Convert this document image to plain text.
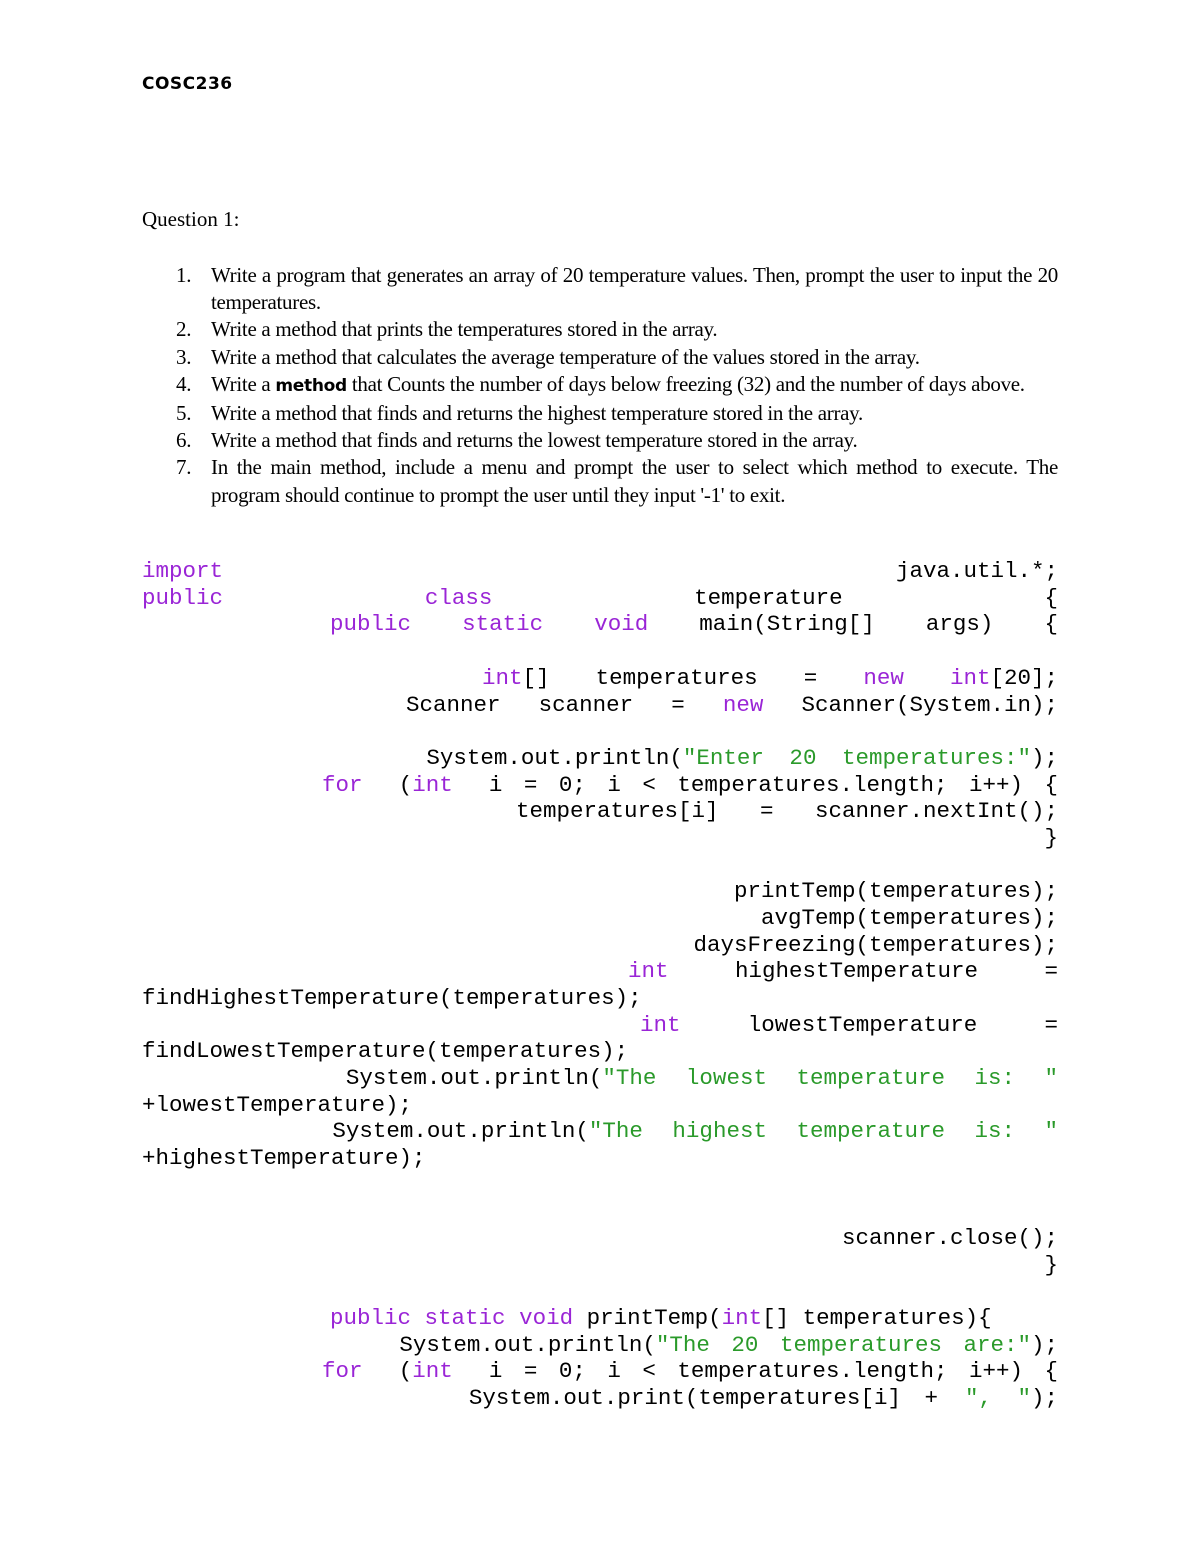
COSC236
Question 1:
1. Write a program that generates an array of 20 temperature values. Then, prompt the user to input the 20 temperatures.
2. Write a method that prints the temperatures stored in the array.
3. Write a method that calculates the average temperature of the values stored in the array.
4. Write a method that Counts the number of days below freezing (32) and the number of days above.
5. Write a method that finds and returns the highest temperature stored in the array.
6. Write a method that finds and returns the lowest temperature stored in the array.
7. In the main method, include a menu and prompt the user to select which method to execute. The program should continue to prompt the user until they input '-1' to exit.
import	java.util.*;
public	class	temperature	{
public static void main(String[] args) {
int[] temperatures = new int[20];
Scanner scanner = new Scanner(System.in);
System.out.println( "Enter 20 temperatures:" );
for (int i = 0; i < temperatures.length; i++) {
temperatures[i] = scanner.nextInt();
}
printTemp(temperatures);
avgTemp(temperatures);
daysFreezing(temperatures);
int	highestTemperature	=
findHighestTemperature(temperatures);
int	lowestTemperature	=
findLowestTemperature(temperatures);
System.out.println( "The lowest temperature is: "
+lowestTemperature);
System.out.println( "The highest temperature is: "
+highestTemperature);
scanner.close();
}
public static void printTemp(int[] temperatures){
System.out.println( "The 20 temperatures are:" );
for (int i = 0; i < temperatures.length; i++) {
System.out.print(temperatures[i] +
", " );
